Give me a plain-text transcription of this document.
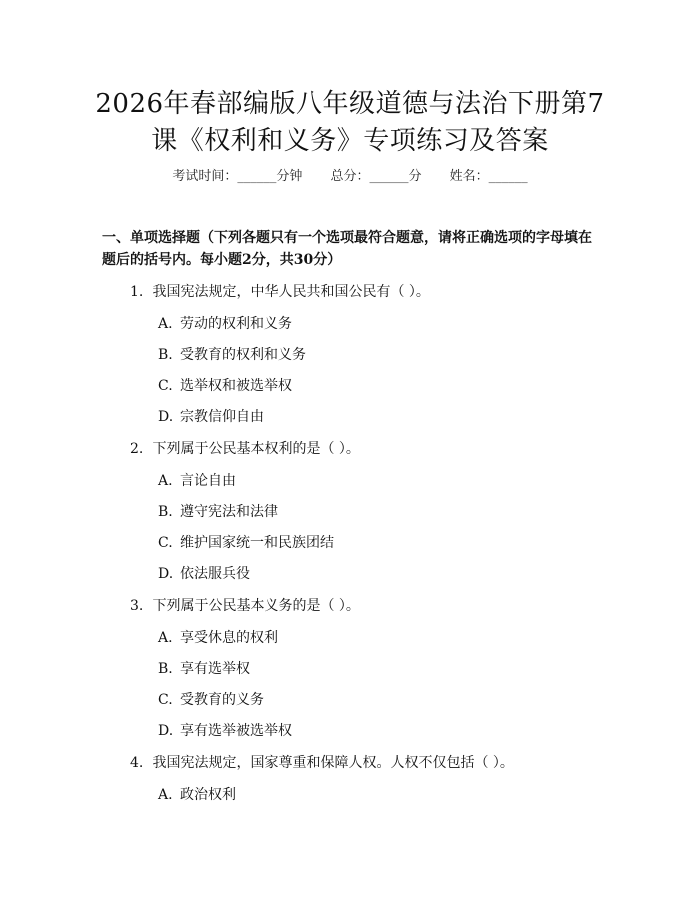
2026年春部编版八年级道德与法治下册第7
课《权利和义务》专项练习及答案
考试时间：______分钟 总分：______分 姓名：______

一、单项选择题（下列各题只有一个选项最符合题意，请将正确选项的字母填在题后的括号内。每小题2分，共30分）

1. 我国宪法规定，中华人民共和国公民有（ ）。
A. 劳动的权利和义务
B. 受教育的权利和义务
C. 选举权和被选举权
D. 宗教信仰自由
2. 下列属于公民基本权利的是（ ）。
A. 言论自由
B. 遵守宪法和法律
C. 维护国家统一和民族团结
D. 依法服兵役
3. 下列属于公民基本义务的是（ ）。
A. 享受休息的权利
B. 享有选举权
C. 受教育的义务
D. 享有选举被选举权
4. 我国宪法规定，国家尊重和保障人权。人权不仅包括（ ）。
A. 政治权利
